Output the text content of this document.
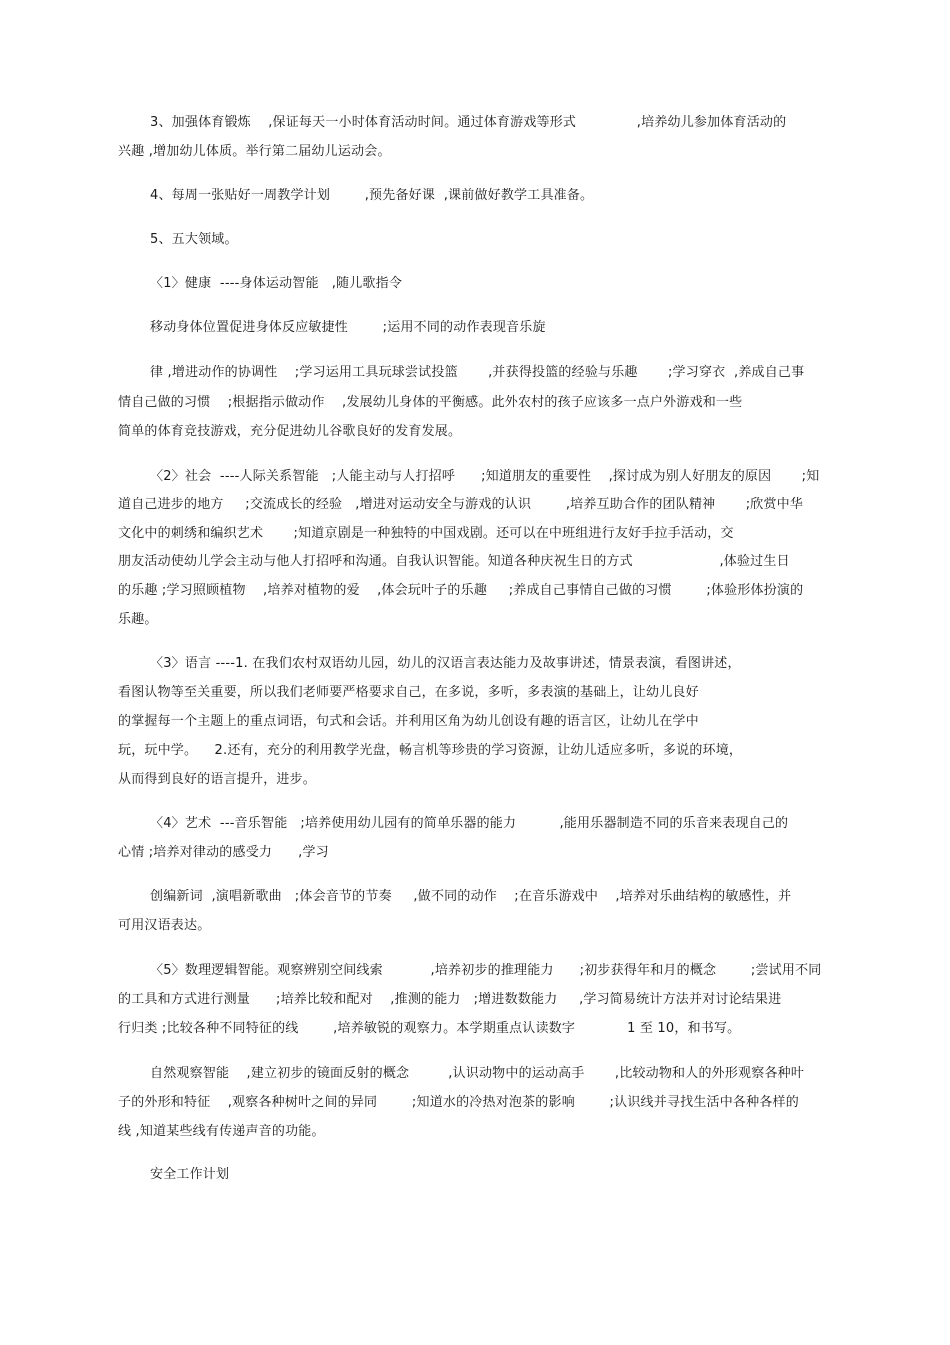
3、加强体育锻炼    ,保证每天一小时体育活动时间。通过体育游戏等形式              ,培养幼儿参加体育活动的
兴趣 ,增加幼儿体质。举行第二届幼儿运动会。
4、每周一张贴好一周教学计划        ,预先备好课  ,课前做好教学工具准备。
5、五大领域。
〈1〉健康  ----身体运动智能   ,随儿歌指令
移动身体位置促进身体反应敏捷性        ;运用不同的动作表现音乐旋
律 ,增进动作的协调性    ;学习运用工具玩球尝试投篮       ,并获得投篮的经验与乐趣       ;学习穿衣  ,养成自己事
情自己做的习惯    ;根据指示做动作    ,发展幼儿身体的平衡感。此外农村的孩子应该多一点户外游戏和一些
简单的体育竞技游戏，充分促进幼儿谷歌良好的发育发展。
〈2〉社会  ----人际关系智能   ;人能主动与人打招呼      ;知道朋友的重要性    ,探讨成为别人好朋友的原因       ;知
道自己进步的地方     ;交流成长的经验   ,增进对运动安全与游戏的认识        ,培养互助合作的团队精神       ;欣赏中华
文化中的刺绣和编织艺术       ;知道京剧是一种独特的中国戏剧。还可以在中班组进行友好手拉手活动，交
朋友活动使幼儿学会主动与他人打招呼和沟通。自我认识智能。知道各种庆祝生日的方式                    ,体验过生日
的乐趣 ;学习照顾植物    ,培养对植物的爱    ,体会玩叶子的乐趣     ;养成自己事情自己做的习惯        ;体验形体扮演的
乐趣。
〈3〉语言 ----1. 在我们农村双语幼儿园，幼儿的汉语言表达能力及故事讲述，情景表演，看图讲述，
看图认物等至关重要，所以我们老师要严格要求自己，在多说，多听，多表演的基础上，让幼儿良好
的掌握每一个主题上的重点词语，句式和会话。并利用区角为幼儿创设有趣的语言区，让幼儿在学中
玩，玩中学。    2.还有，充分的利用教学光盘，畅言机等珍贵的学习资源，让幼儿适应多听，多说的环境，
从而得到良好的语言提升，进步。
〈4〉艺术  ---音乐智能   ;培养使用幼儿园有的简单乐器的能力          ,能用乐器制造不同的乐音来表现自己的
心情 ;培养对律动的感受力      ,学习
创编新词  ,演唱新歌曲   ;体会音节的节奏     ,做不同的动作    ;在音乐游戏中    ,培养对乐曲结构的敏感性，并
可用汉语表达。
〈5〉数理逻辑智能。观察辨别空间线索           ,培养初步的推理能力      ;初步获得年和月的概念        ;尝试用不同
的工具和方式进行测量      ;培养比较和配对    ,推测的能力   ;增进数数能力     ,学习简易统计方法并对讨论结果进
行归类 ;比较各种不同特征的线        ,培养敏锐的观察力。本学期重点认读数字            1 至 10，和书写。
自然观察智能    ,建立初步的镜面反射的概念         ,认识动物中的运动高手       ,比较动物和人的外形观察各种叶
子的外形和特征    ,观察各种树叶之间的异同        ;知道水的冷热对泡茶的影响        ;认识线并寻找生活中各种各样的
线 ,知道某些线有传递声音的功能。
安全工作计划
